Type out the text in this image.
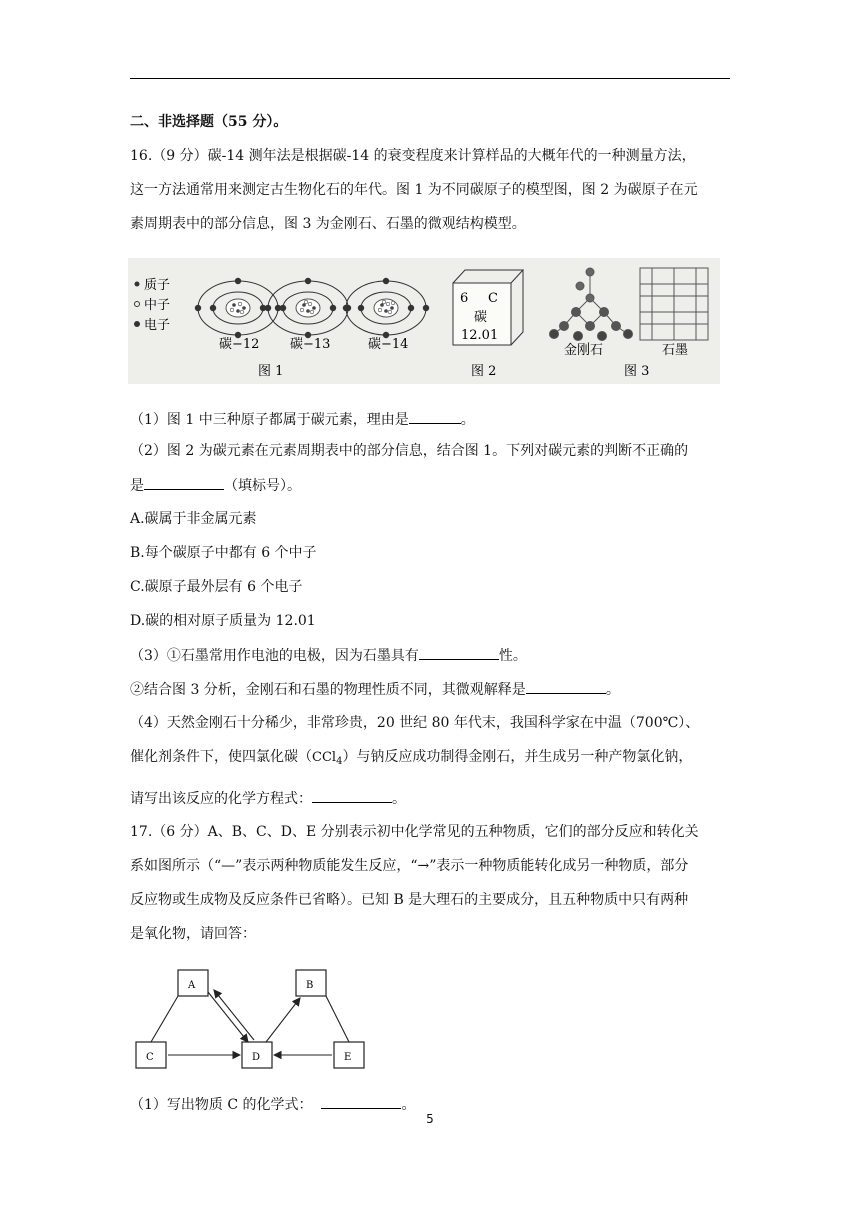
二、非选择题（55 分）。
16.（9 分）碳-14 测年法是根据碳-14 的衰变程度来计算样品的大概年代的一种测量方法，
这一方法通常用来测定古生物化石的年代。图 1 为不同碳原子的模型图，图 2 为碳原子在元
素周期表中的部分信息，图 3 为金刚石、石墨的微观结构模型。
质子
中子
电子
碳−12 碳−13	碳−14
图 1
6 C
碳
12.01
图 2
金刚石	石墨
图 3
（1）图 1 中三种原子都属于碳元素，理由是	。
（2）图 2 为碳元素在元素周期表中的部分信息，结合图 1。下列对碳元素的判断不正确的
是	（填标号）。
A.碳属于非金属元素
B.每个碳原子中都有 6 个中子
C.碳原子最外层有 6 个电子
D.碳的相对原子质量为 12.01
（3）①石墨常用作电池的电极，因为石墨具有	性。
②结合图 3 分析，金刚石和石墨的物理性质不同，其微观解释是	。
（4）天然金刚石十分稀少，非常珍贵，20 世纪 80 年代末，我国科学家在中温（700℃）、
催化剂条件下，使四氯化碳（CCl$_4$）与钠反应成功制得金刚石，并生成另一种产物氯化钠，
请写出该反应的化学方程式：	。
17.（6 分）A、B、C、D、E 分别表示初中化学常见的五种物质，它们的部分反应和转化关
系如图所示（“—”表示两种物质能发生反应，“→”表示一种物质能转化成另一种物质，部分
反应物或生成物及反应条件已省略）。已知 B 是大理石的主要成分，且五种物质中只有两种
是氧化物，请回答：
A	B
C	D	E
（1）写出物质 C 的化学式：	。
5
